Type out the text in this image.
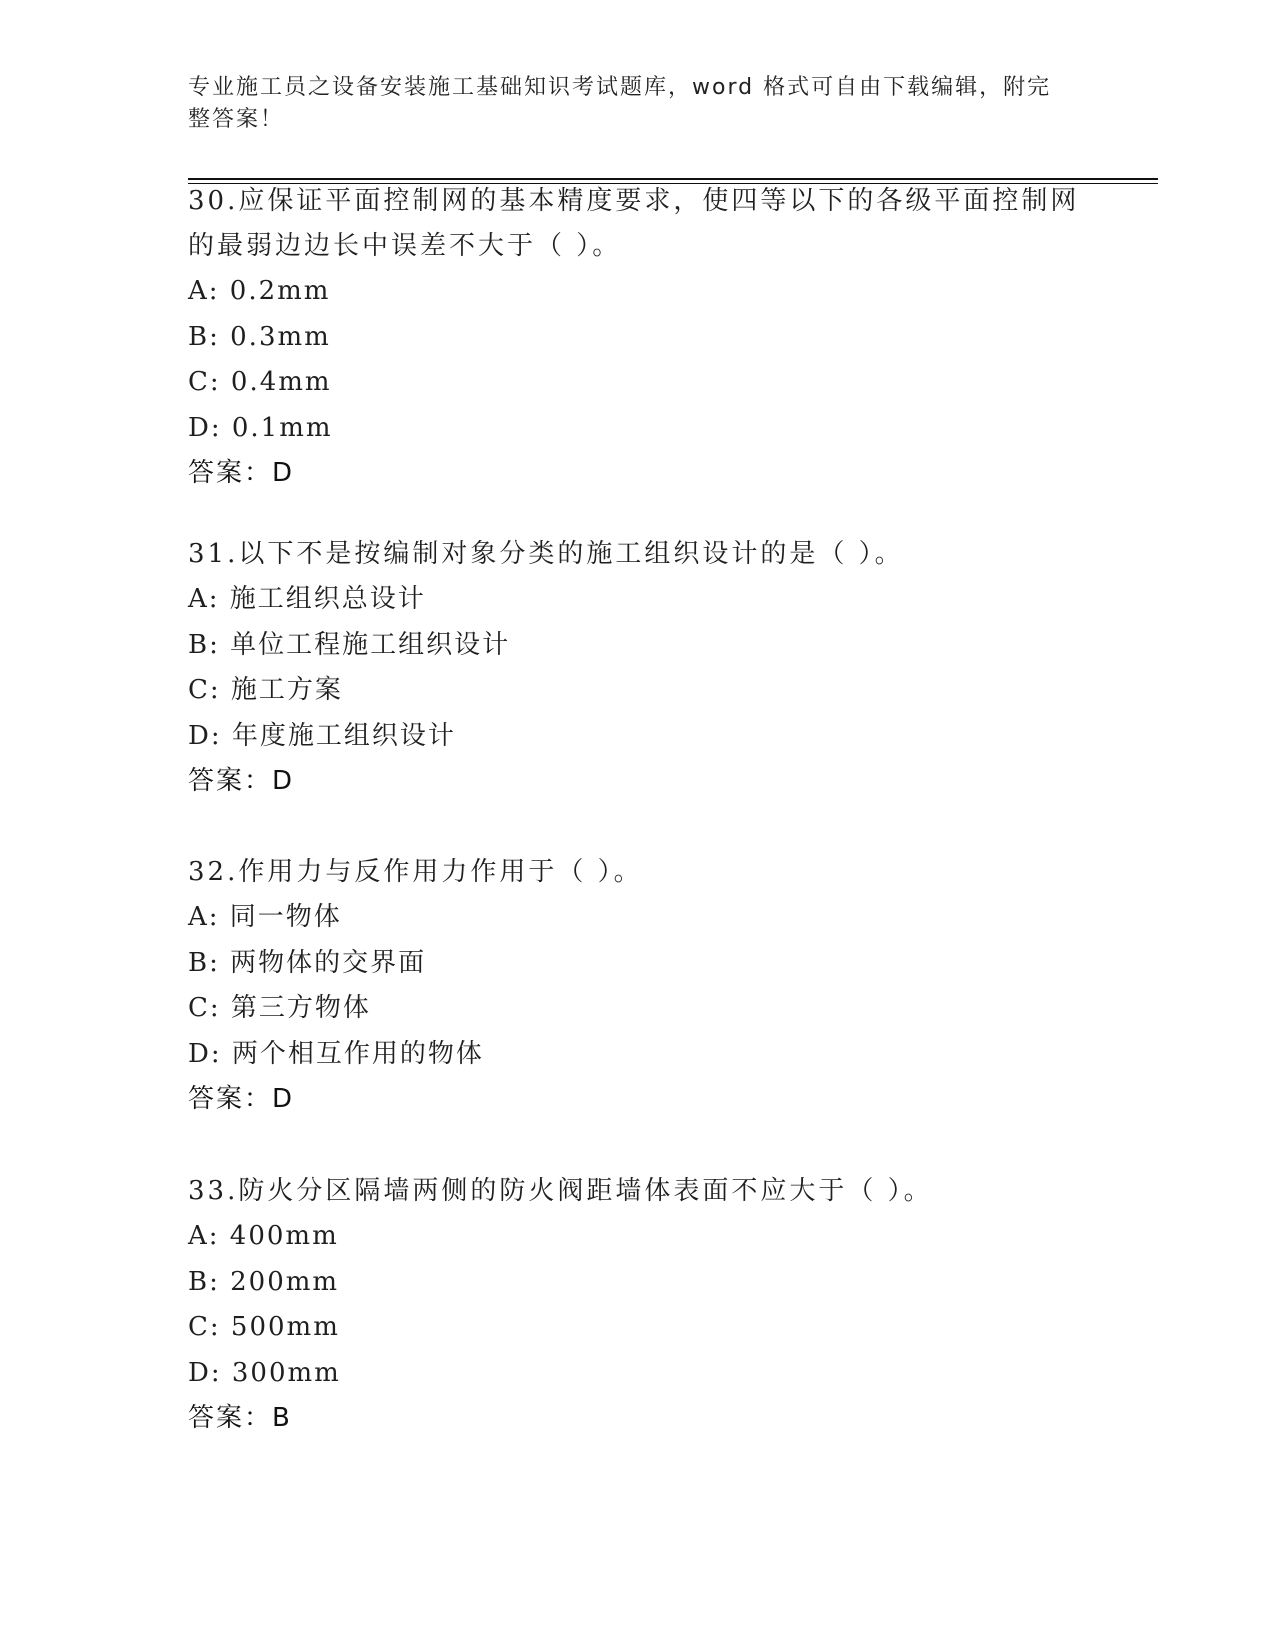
专业施工员之设备安装施工基础知识考试题库，word 格式可自由下载编辑，附完整答案！

30.应保证平面控制网的基本精度要求，使四等以下的各级平面控制网的最弱边边长中误差不大于（ ）。

A: 0.2mm

B: 0.3mm

C: 0.4mm

D: 0.1mm

答案：D

31.以下不是按编制对象分类的施工组织设计的是（ ）。

A: 施工组织总设计

B: 单位工程施工组织设计

C: 施工方案

D: 年度施工组织设计

答案：D

32.作用力与反作用力作用于（ ）。

A: 同一物体

B: 两物体的交界面

C: 第三方物体

D: 两个相互作用的物体

答案：D

33.防火分区隔墙两侧的防火阀距墙体表面不应大于（ ）。

A: 400mm

B: 200mm

C: 500mm

D: 300mm

答案：B
